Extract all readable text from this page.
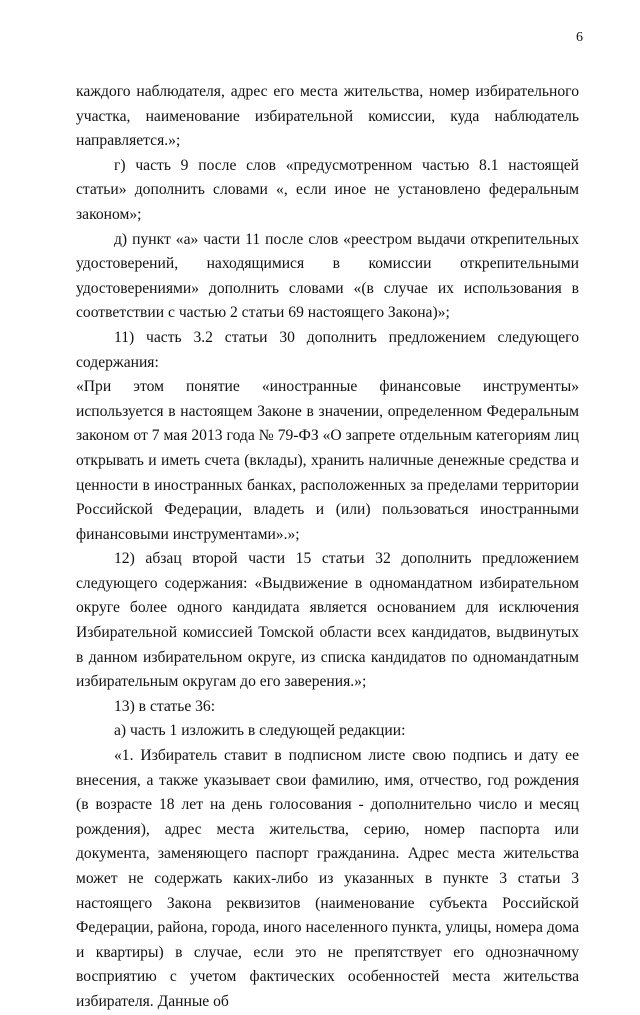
6

каждого наблюдателя, адрес его места жительства, номер избирательного участка, наименование избирательной комиссии, куда наблюдатель направляется.»;

г) часть 9 после слов «предусмотренном частью 8.1 настоящей статьи» дополнить словами «, если иное не установлено федеральным законом»;

д) пункт «а» части 11 после слов «реестром выдачи открепительных удостоверений, находящимися в комиссии открепительными удостоверениями» дополнить словами «(в случае их использования в соответствии с частью 2 статьи 69 настоящего Закона)»;

11) часть 3.2 статьи 30 дополнить предложением следующего содержания:

«При этом понятие «иностранные финансовые инструменты» используется в настоящем Законе в значении, определенном Федеральным законом от 7 мая 2013 года № 79-ФЗ «О запрете отдельным категориям лиц открывать и иметь счета (вклады), хранить наличные денежные средства и ценности в иностранных банках, расположенных за пределами территории Российской Федерации, владеть и (или) пользоваться иностранными финансовыми инструментами».»;

12) абзац второй части 15 статьи 32 дополнить предложением следующего содержания: «Выдвижение в одномандатном избирательном округе более одного кандидата является основанием для исключения Избирательной комиссией Томской области всех кандидатов, выдвинутых в данном избирательном округе, из списка кандидатов по одномандатным избирательным округам до его заверения.»;

13) в статье 36:

а) часть 1 изложить в следующей редакции:

«1. Избиратель ставит в подписном листе свою подпись и дату ее внесения, а также указывает свои фамилию, имя, отчество, год рождения (в возрасте 18 лет на день голосования - дополнительно число и месяц рождения), адрес места жительства, серию, номер паспорта или документа, заменяющего паспорт гражданина. Адрес места жительства может не содержать каких-либо из указанных в пункте 3 статьи 3 настоящего Закона реквизитов (наименование субъекта Российской Федерации, района, города, иного населенного пункта, улицы, номера дома и квартиры) в случае, если это не препятствует его однозначному восприятию с учетом фактических особенностей места жительства избирателя. Данные об
